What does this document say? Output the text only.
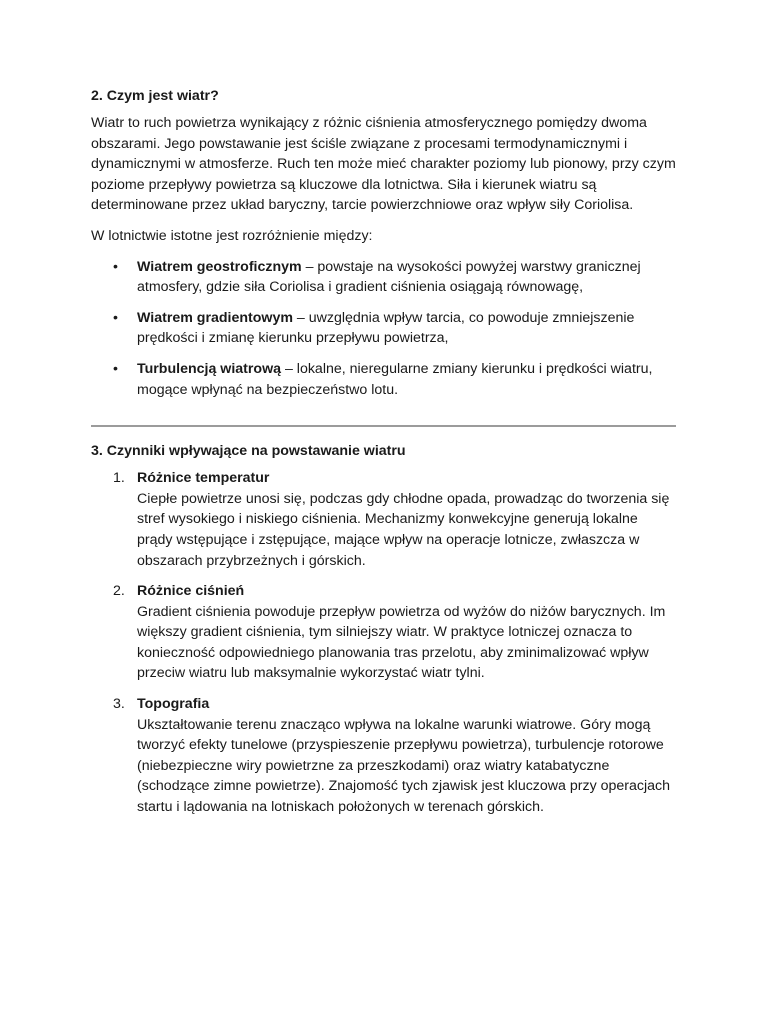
2. Czym jest wiatr?

Wiatr to ruch powietrza wynikający z różnic ciśnienia atmosferycznego pomiędzy dwoma obszarami. Jego powstawanie jest ściśle związane z procesami termodynamicznymi i dynamicznymi w atmosferze. Ruch ten może mieć charakter poziomy lub pionowy, przy czym poziome przepływy powietrza są kluczowe dla lotnictwa. Siła i kierunek wiatru są determinowane przez układ baryczny, tarcie powierzchniowe oraz wpływ siły Coriolisa.

W lotnictwie istotne jest rozróżnienie między:

• Wiatrem geostroficznym – powstaje na wysokości powyżej warstwy granicznej atmosfery, gdzie siła Coriolisa i gradient ciśnienia osiągają równowagę,
• Wiatrem gradientowym – uwzględnia wpływ tarcia, co powoduje zmniejszenie prędkości i zmianę kierunku przepływu powietrza,
• Turbulencją wiatrową – lokalne, nieregularne zmiany kierunku i prędkości wiatru, mogące wpłynąć na bezpieczeństwo lotu.
3. Czynniki wpływające na powstawanie wiatru
1. Różnice temperatur
Ciepłe powietrze unosi się, podczas gdy chłodne opada, prowadząc do tworzenia się stref wysokiego i niskiego ciśnienia. Mechanizmy konwekcyjne generują lokalne prądy wstępujące i zstępujące, mające wpływ na operacje lotnicze, zwłaszcza w obszarach przybrzeżnych i górskich.
2. Różnice ciśnień
Gradient ciśnienia powoduje przepływ powietrza od wyżów do niżów barycznych. Im większy gradient ciśnienia, tym silniejszy wiatr. W praktyce lotniczej oznacza to konieczność odpowiedniego planowania tras przelotu, aby zminimalizować wpływ przeciw wiatru lub maksymalnie wykorzystać wiatr tylni.
3. Topografia
Ukształtowanie terenu znacząco wpływa na lokalne warunki wiatrowe. Góry mogą tworzyć efekty tunelowe (przyspieszenie przepływu powietrza), turbulencje rotorowe (niebezpieczne wiry powietrzne za przeszkodami) oraz wiatry katabatyczne (schodzące zimne powietrze). Znajomość tych zjawisk jest kluczowa przy operacjach startu i lądowania na lotniskach położonych w terenach górskich.
